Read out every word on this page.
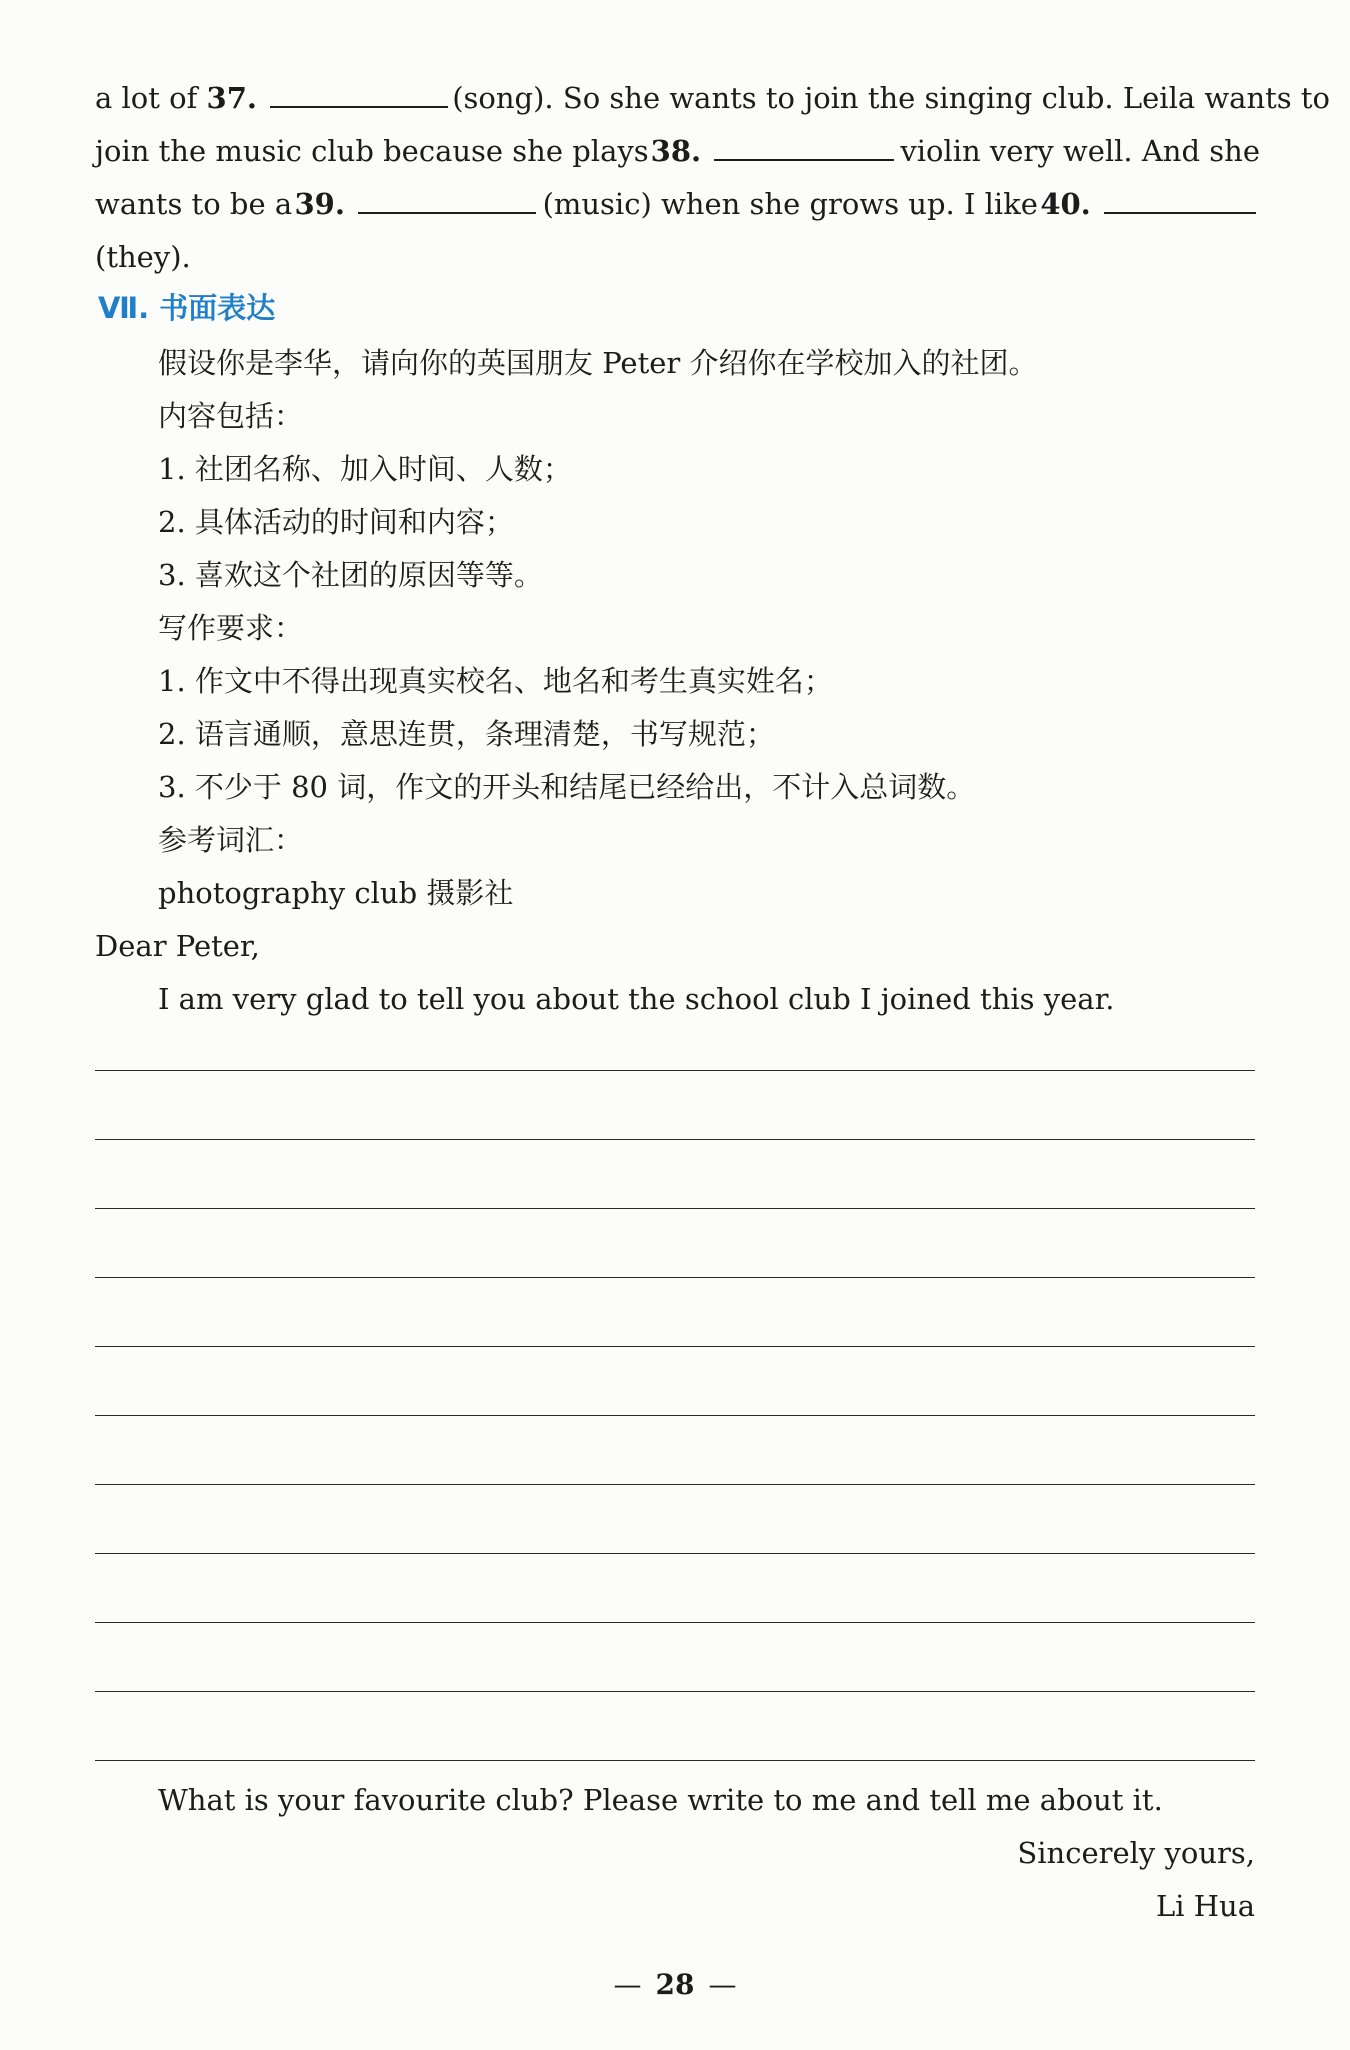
a lot of 37.	(song). So she wants to join the singing club. Leila wants to
join the music club because she plays 38.	violin very well. And she
wants to be a 39.	(music) when she grows up. I like 40.
(they).
Ⅶ. 书面表达
假设你是李华，请向你的英国朋友 Peter 介绍你在学校加入的社团。
内容包括：
1. 社团名称、加入时间、人数；
2. 具体活动的时间和内容；
3. 喜欢这个社团的原因等等。
写作要求：
1. 作文中不得出现真实校名、地名和考生真实姓名；
2. 语言通顺，意思连贯，条理清楚，书写规范；
3. 不少于 80 词，作文的开头和结尾已经给出，不计入总词数。
参考词汇：
photography club 摄影社
Dear Peter,
I am very glad to tell you about the school club I joined this year.
What is your favourite club? Please write to me and tell me about it.
Sincerely yours,
Li Hua
— 28 —
